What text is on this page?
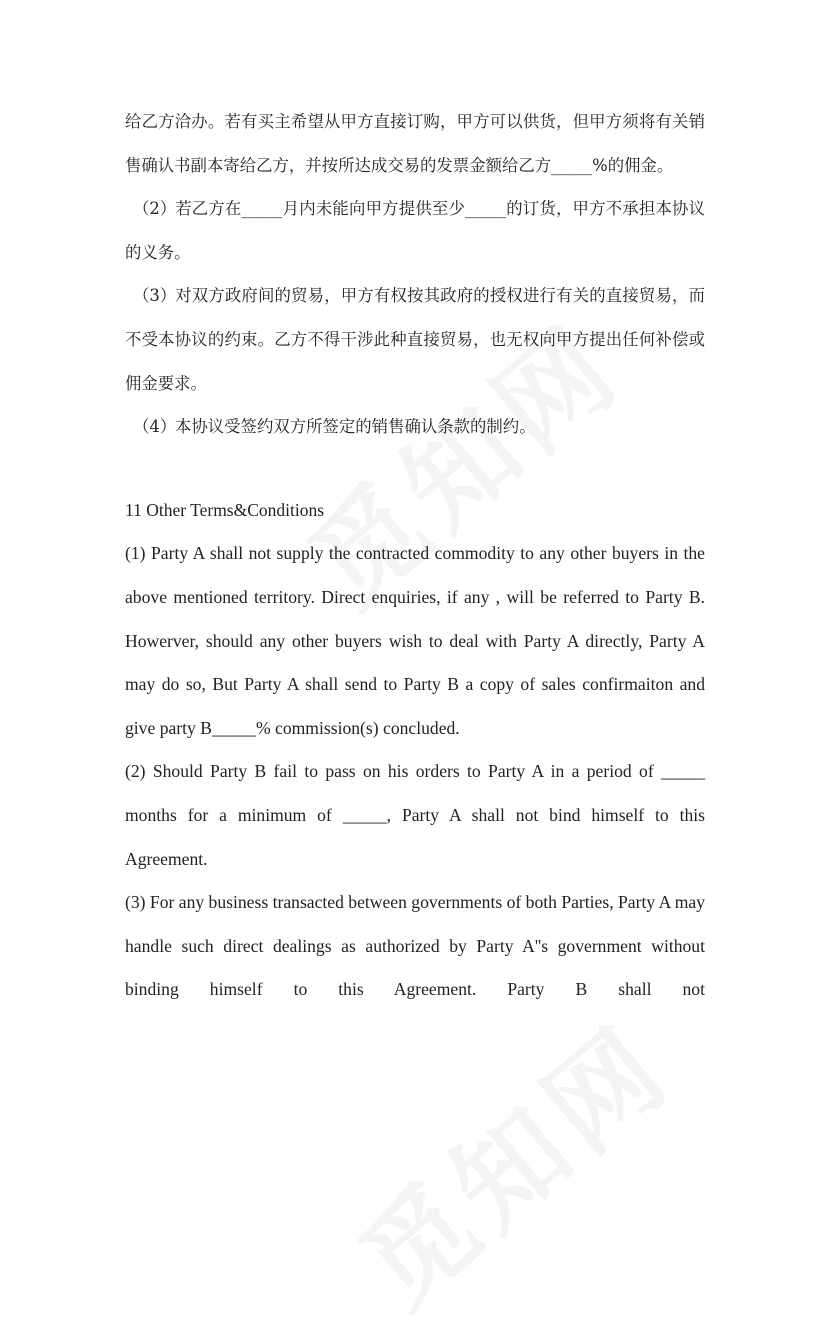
给乙方洽办。若有买主希望从甲方直接订购，甲方可以供货，但甲方须将有关销售确认书副本寄给乙方，并按所达成交易的发票金额给乙方_____%的佣金。

（2）若乙方在_____月内未能向甲方提供至少_____的订货，甲方不承担本协议的义务。

（3）对双方政府间的贸易，甲方有权按其政府的授权进行有关的直接贸易，而不受本协议的约束。乙方不得干涉此种直接贸易，也无权向甲方提出任何补偿或佣金要求。

（4）本协议受签约双方所签定的销售确认条款的制约。

11 Other Terms&Conditions

(1) Party A shall not supply the contracted commodity to any other buyers in the above mentioned territory. Direct enquiries, if any , will be referred to Party B. Howerver, should any other buyers wish to deal with Party A directly, Party A may do so, But Party A shall send to Party B a copy of sales confirmaiton and give party B_____% commission(s) concluded.

(2) Should Party B fail to pass on his orders to Party A in a period of _____ months for a minimum of _____, Party A shall not bind himself to this Agreement.

(3) For any business transacted between governments of both Parties, Party A may handle such direct dealings as authorized by Party A''s government without binding himself to this Agreement. Party B shall not
